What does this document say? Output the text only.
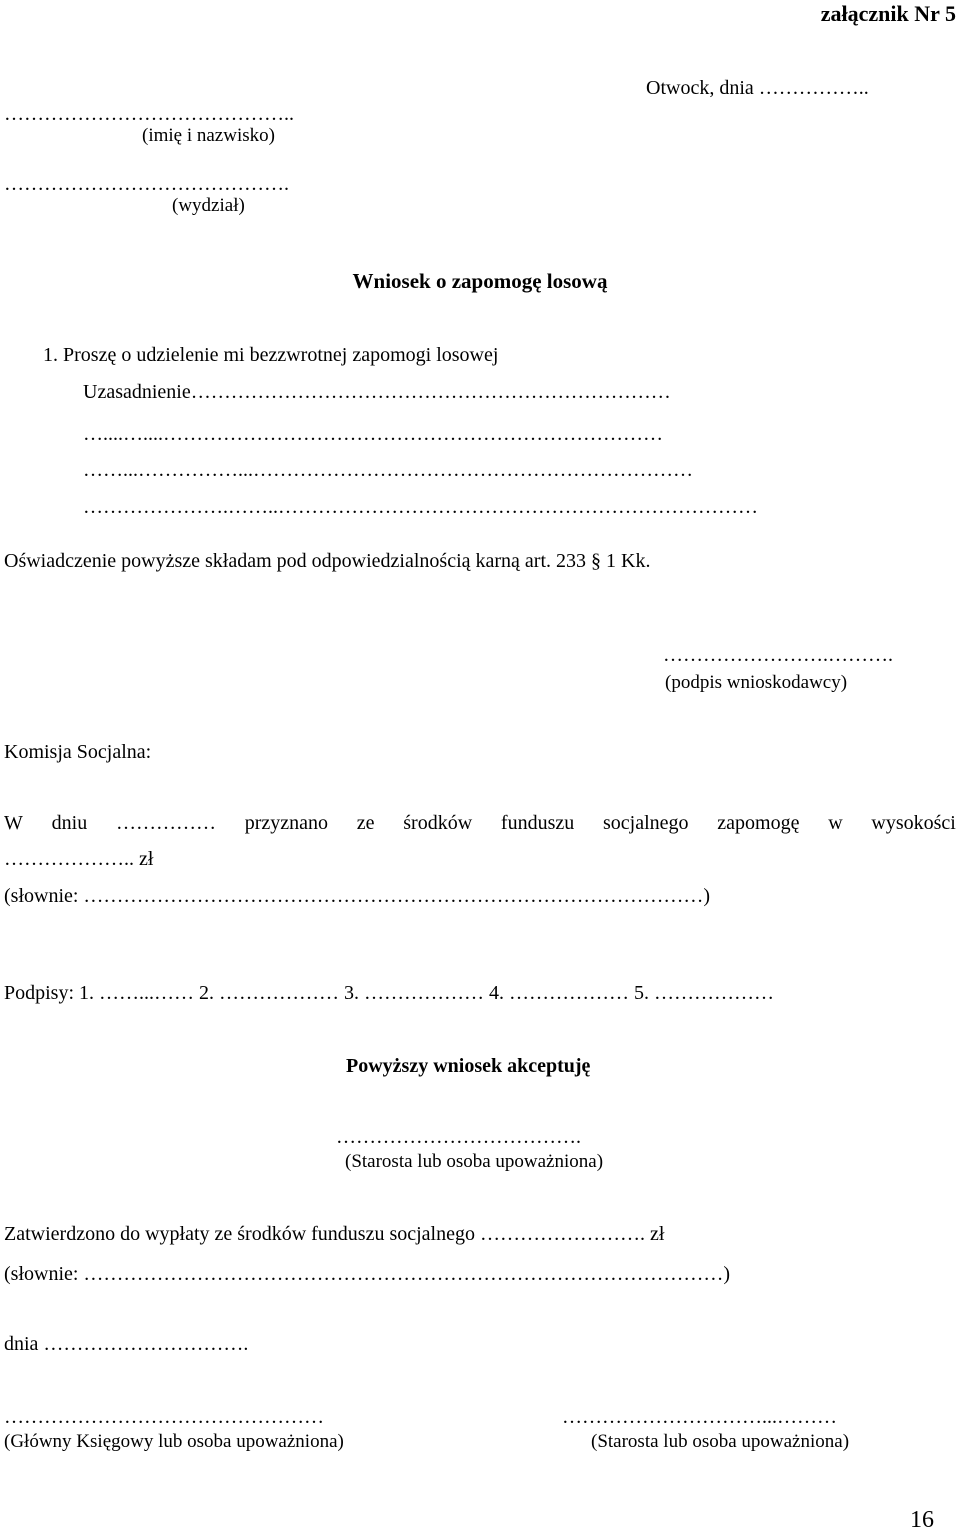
załącznik Nr 5
Otwock, dnia ……………..
……………………………………..
(imię i nazwisko)
…………………………………….
(wydział)
Wniosek o zapomogę losową
1. Proszę o udzielenie mi bezzwrotnej zapomogi losowej
Uzasadnienie………………………………………………………………
…....…....…………………………………………………………………
……...……………...…………………………………………………………
………………….……..………………………………………………………………
Oświadczenie powyższe składam pod odpowiedzialnością karną art. 233 § 1 Kk.
…………………….……….
(podpis wnioskodawcy)
Komisja Socjalna:
W dniu …………… przyznano ze środków funduszu socjalnego zapomogę w wysokości
……………….. zł
(słownie: …………………………………………………………………………………)
Podpisy: 1. ……...…… 2. ……………… 3. ……………… 4. ……………… 5. ………………
Powyższy wniosek akceptuję
……………………………….
(Starosta lub osoba upoważniona)
Zatwierdzono do wypłaty ze środków funduszu socjalnego ……………………. zł
(słownie: ……………………………………………………………………………………)
dnia ………………………….
…………………………………………
(Główny Księgowy lub osoba upoważniona)
…………………………...………
(Starosta lub osoba upoważniona)
16
